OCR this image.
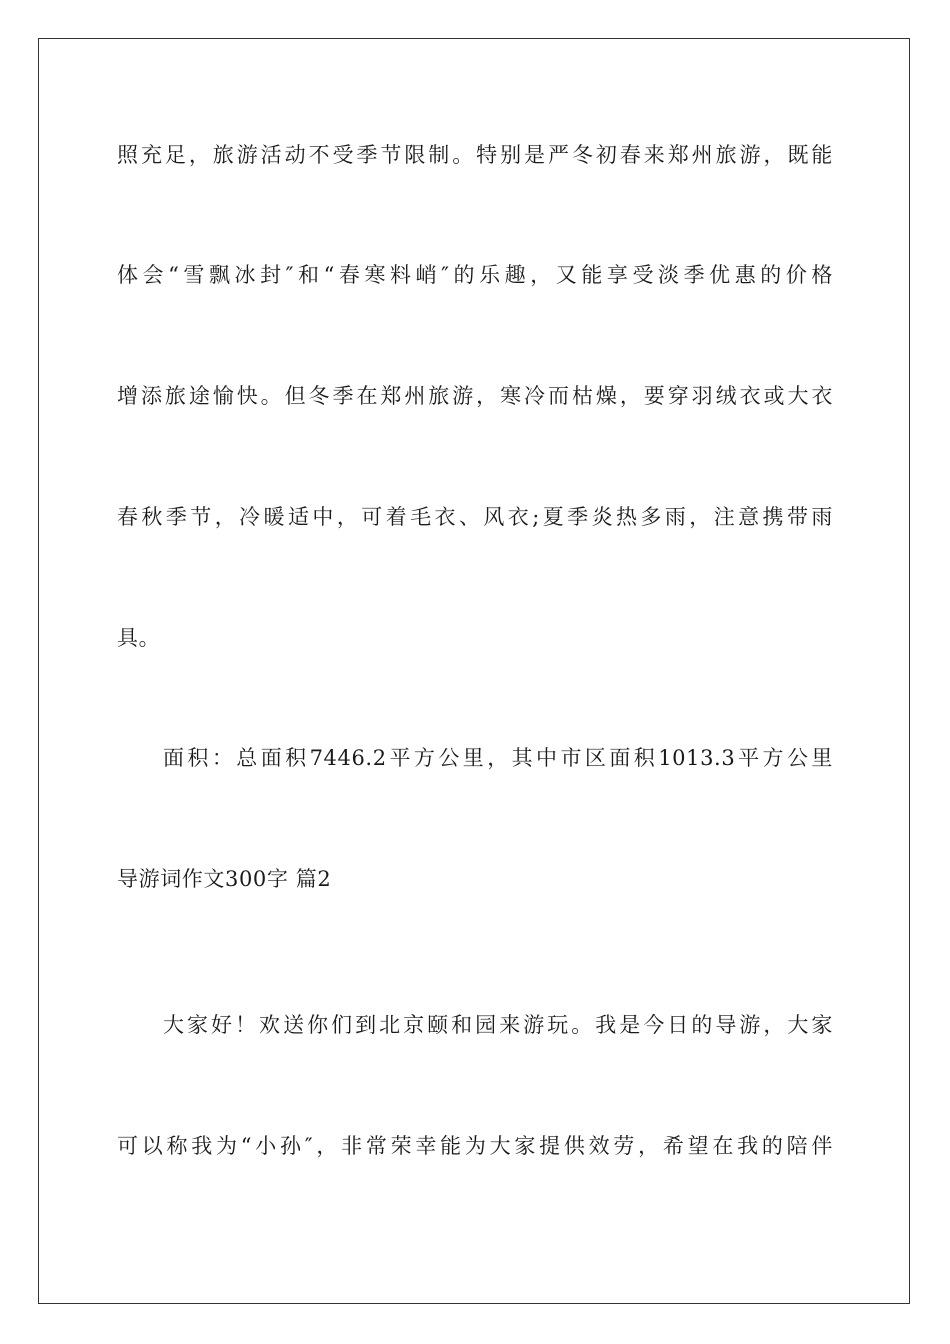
照充足，旅游活动不受季节限制。特别是严冬初春来郑州旅游，既能
体会“雪飘冰封″和“春寒料峭″的乐趣，又能享受淡季优惠的价格
增添旅途愉快。但冬季在郑州旅游，寒冷而枯燥，要穿羽绒衣或大衣
春秋季节，冷暖适中，可着毛衣、风衣;夏季炎热多雨，注意携带雨
具。
面积：总面积7446.2平方公里，其中市区面积1013.3平方公里
导游词作文300字 篇2
大家好！欢送你们到北京颐和园来游玩。我是今日的导游，大家
可以称我为“小孙″，非常荣幸能为大家提供效劳，希望在我的陪伴
